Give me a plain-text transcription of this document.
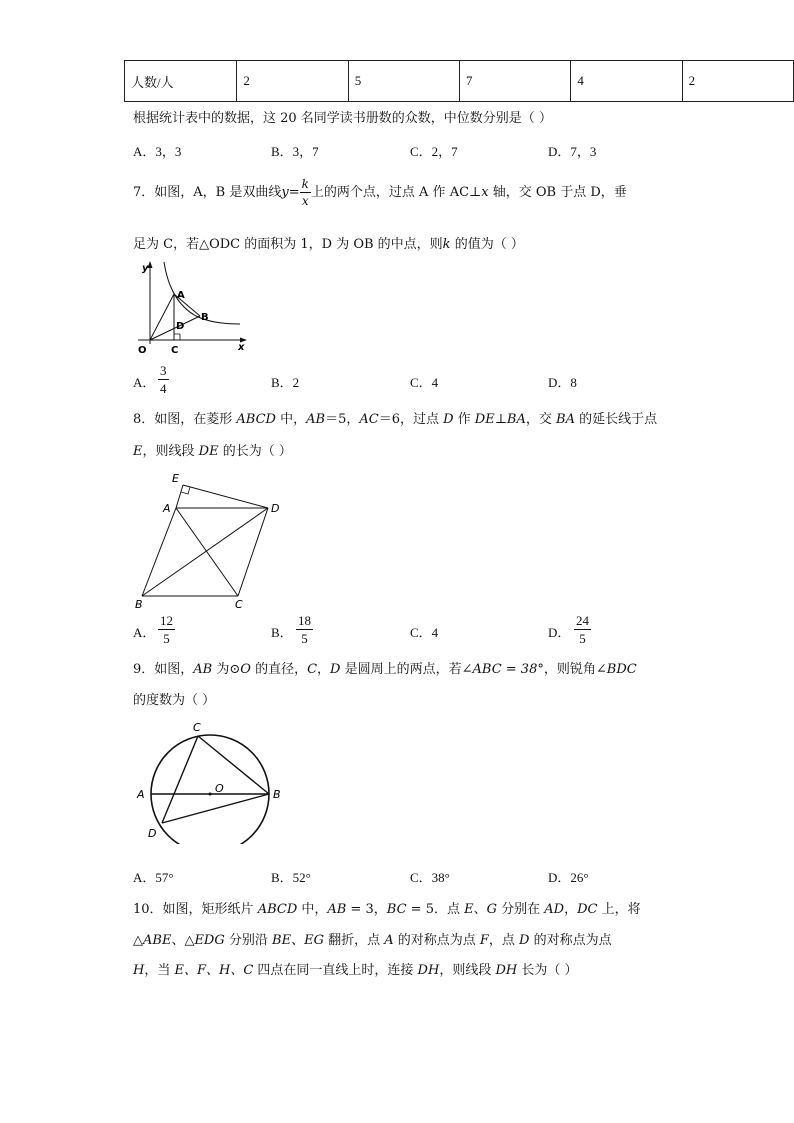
人数/人	2	5	7	4	2
根据统计表中的数据，这 20 名同学读书册数的众数，中位数分别是（ ）
A．3，3	B．3，7	C．2，7	D．7，3
7．如图，A，B 是双曲线$y= \frac{k}{x}$ 上的两个点，过点 A 作 AC⊥x 轴，交 OB 于点 D，垂
足为 C，若△ODC 的面积为 1，D 为 OB 的中点，则k 的值为（ ）
y
x
A
B
D
C
O
A． $\frac{3}{4}$	B．2	C．4	D．8
8．如图，在菱形 ABCD 中，AB＝5，AC＝6，过点 D 作 DE⊥BA，交 BA 的延长线于点
E，则线段 DE 的长为（ ）
E
A	D
B	C
A． $\frac{12}{5}$	B． $\frac{18}{5}$	C．4	D． $\frac{24}{5}$
9．如图，AB 为⊙O 的直径，C，D 是圆周上的两点，若∠ABC = 38°，则锐角∠BDC
的度数为（ ）
C
A	B
O
D
A．57°	B．52°	C．38°	D．26°
10．如图，矩形纸片 ABCD 中，AB = 3，BC = 5．点 E、G 分别在 AD，DC 上，将
△ABE、△EDG 分别沿 BE、EG 翻折，点 A 的对称点为点 F，点 D 的对称点为点
H，当 E、F、H、C 四点在同一直线上时，连接 DH，则线段 DH 长为（ ）
